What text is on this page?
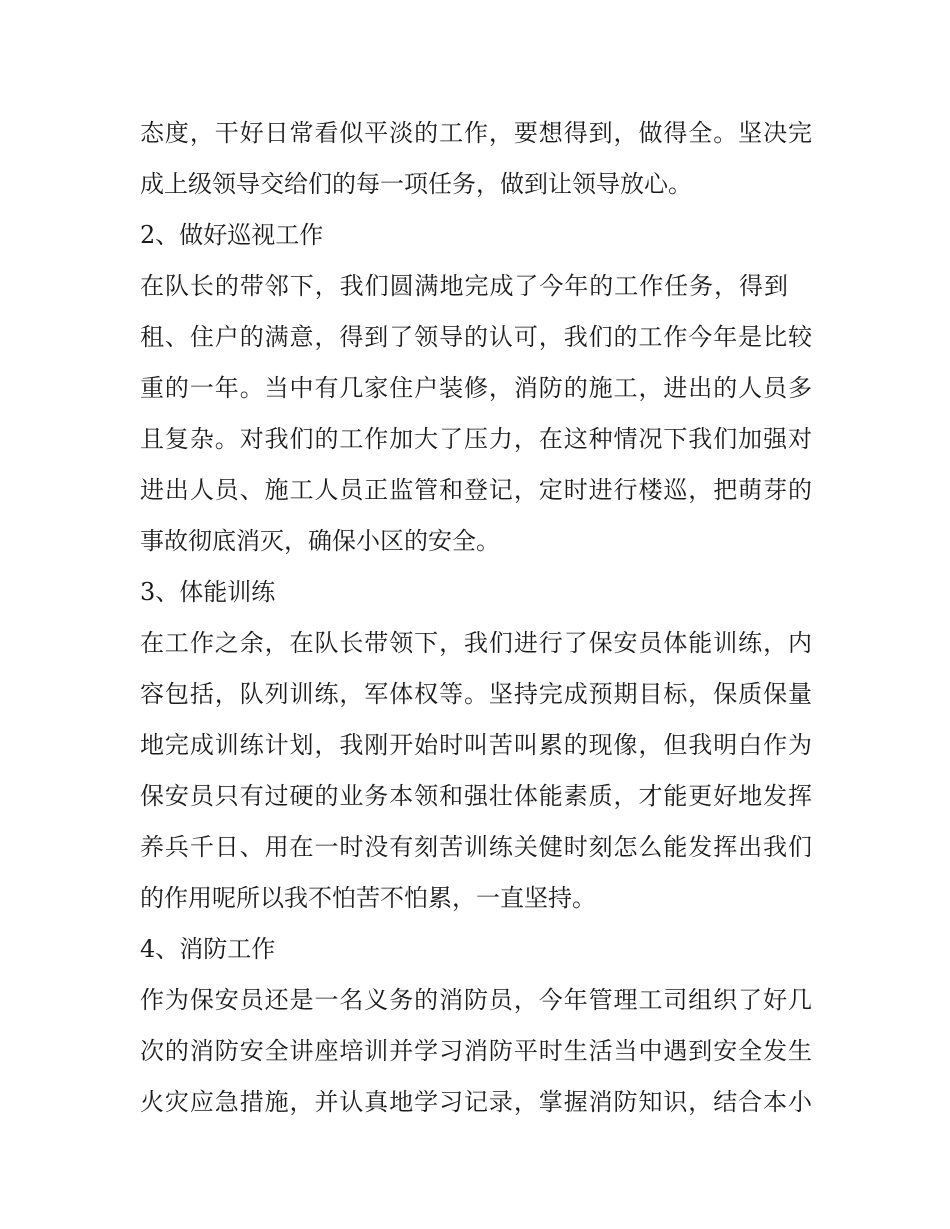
态度，干好日常看似平淡的工作，要想得到，做得全。坚决完
成上级领导交给们的每一项任务，做到让领导放心。
2、做好巡视工作
在队长的带邻下，我们圆满地完成了今年的工作任务，得到
租、住户的满意，得到了领导的认可，我们的工作今年是比较
重的一年。当中有几家住户装修，消防的施工，进出的人员多
且复杂。对我们的工作加大了压力，在这种情况下我们加强对
进出人员、施工人员正监管和登记，定时进行楼巡，把萌芽的
事故彻底消灭，确保小区的安全。
3、体能训练
在工作之余，在队长带领下，我们进行了保安员体能训练，内
容包括，队列训练，军体权等。坚持完成预期目标，保质保量
地完成训练计划，我刚开始时叫苦叫累的现像，但我明白作为
保安员只有过硬的业务本领和强壮体能素质，才能更好地发挥
养兵千日、用在一时没有刻苦训练关健时刻怎么能发挥出我们
的作用呢所以我不怕苦不怕累，一直坚持。
4、消防工作
作为保安员还是一名义务的消防员，今年管理工司组织了好几
次的消防安全讲座培训并学习消防平时生活当中遇到安全发生
火灾应急措施，并认真地学习记录，掌握消防知识，结合本小
